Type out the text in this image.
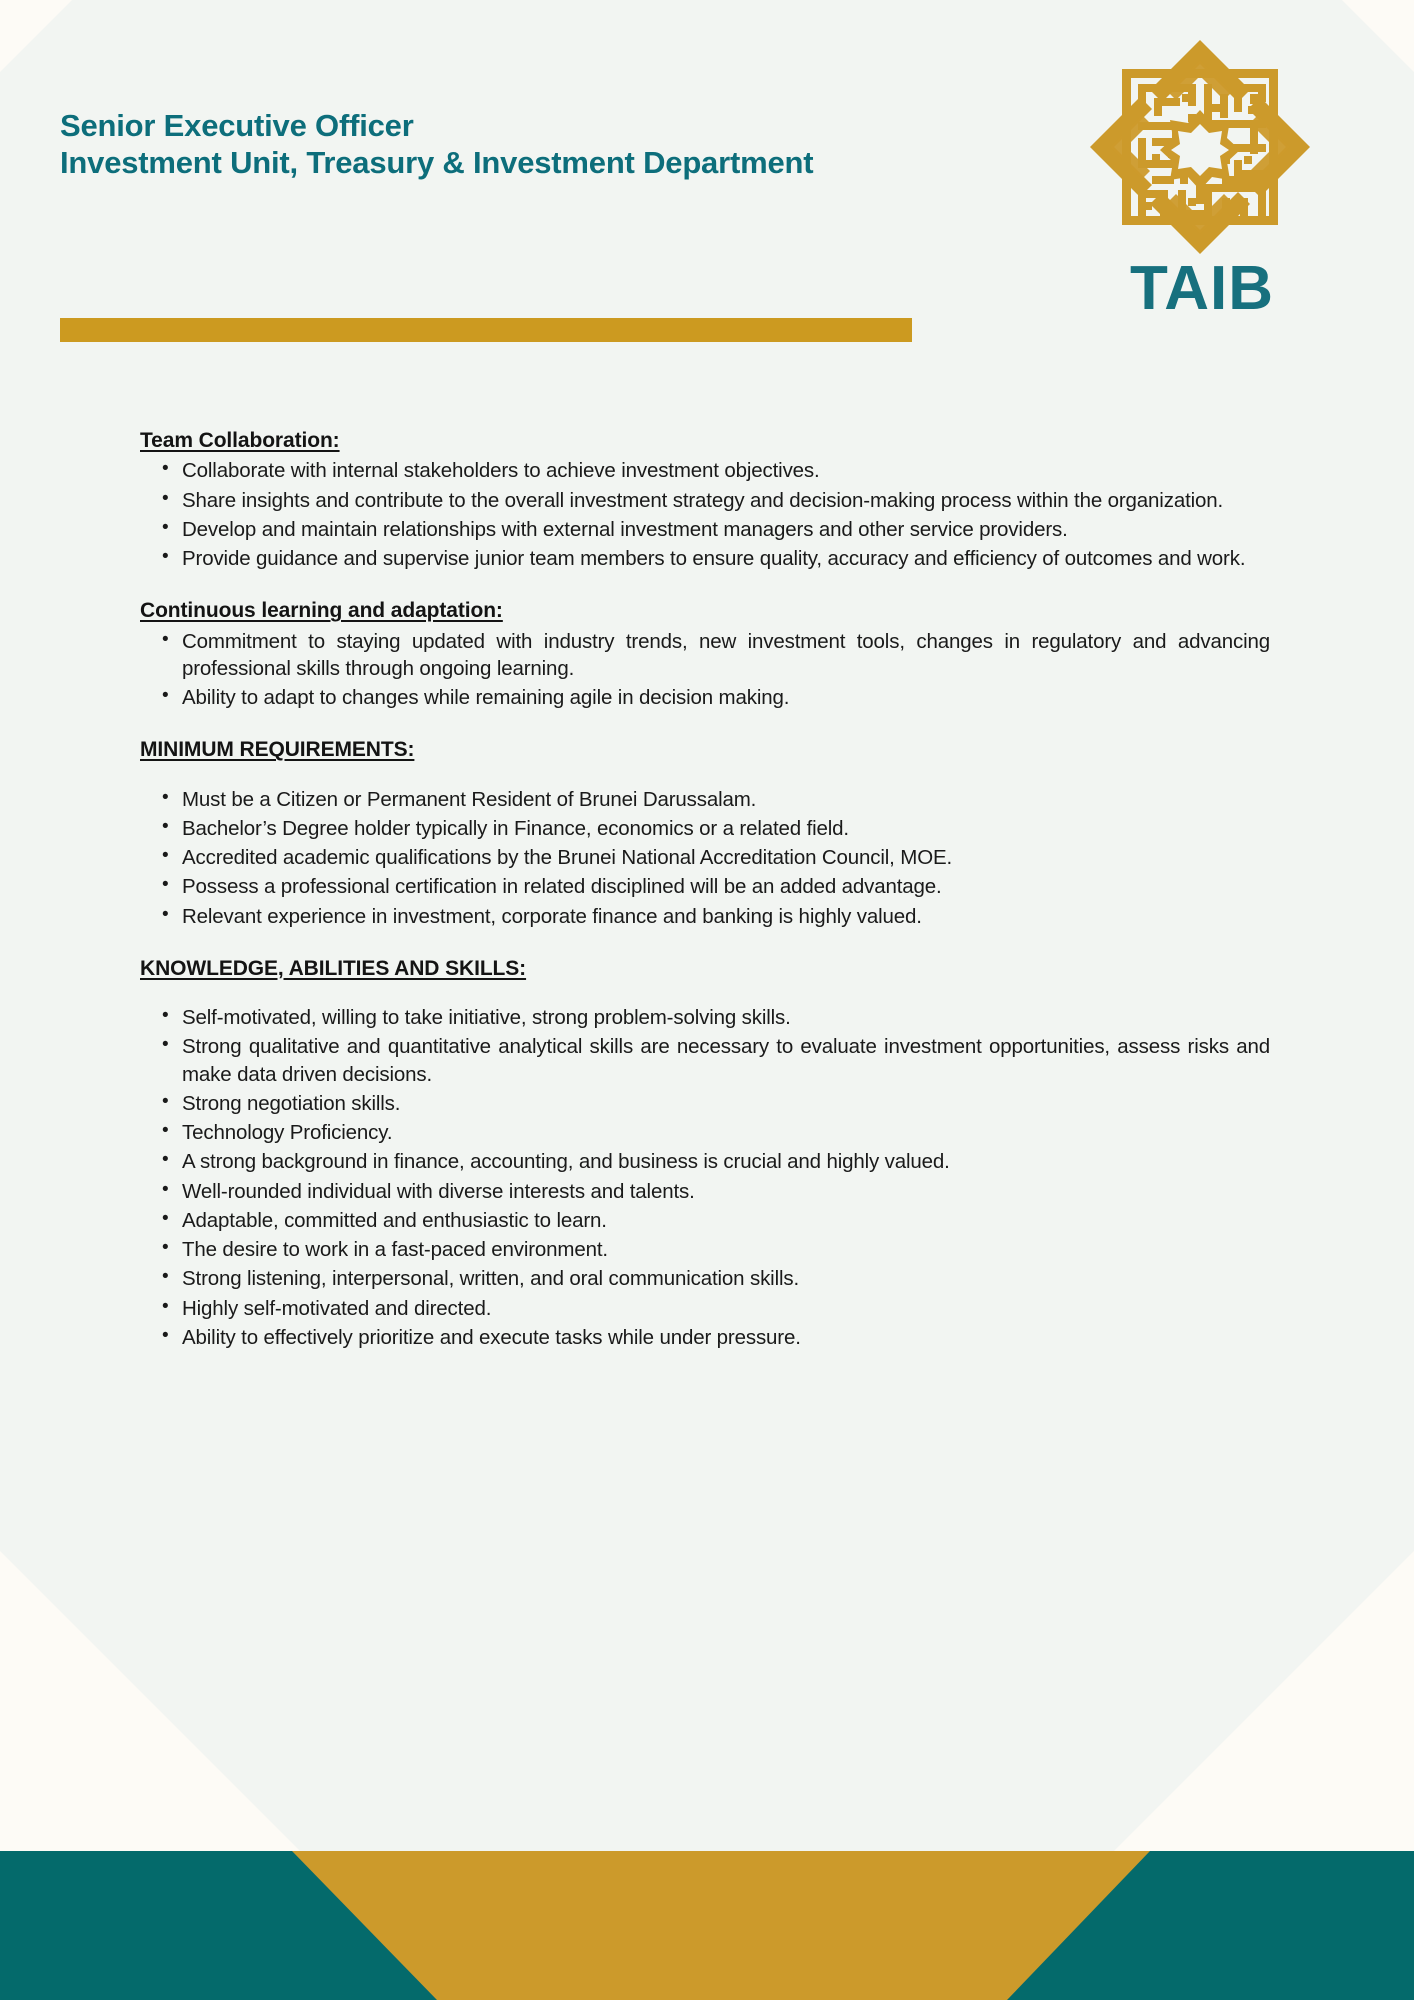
Senior Executive Officer
Investment Unit, Treasury & Investment Department
TAIB
Team Collaboration:
• Collaborate with internal stakeholders to achieve investment objectives.
• Share insights and contribute to the overall investment strategy and decision-making process within the organization.
• Develop and maintain relationships with external investment managers and other service providers.
• Provide guidance and supervise junior team members to ensure quality, accuracy and efficiency of outcomes and work.
Continuous learning and adaptation:
• Commitment to staying updated with industry trends, new investment tools, changes in regulatory and advancing professional skills through ongoing learning.
• Ability to adapt to changes while remaining agile in decision making.
MINIMUM REQUIREMENTS:
• Must be a Citizen or Permanent Resident of Brunei Darussalam.
• Bachelor’s Degree holder typically in Finance, economics or a related field.
• Accredited academic qualifications by the Brunei National Accreditation Council, MOE.
• Possess a professional certification in related disciplined will be an added advantage.
• Relevant experience in investment, corporate finance and banking is highly valued.
KNOWLEDGE, ABILITIES AND SKILLS:
• Self-motivated, willing to take initiative, strong problem-solving skills.
• Strong qualitative and quantitative analytical skills are necessary to evaluate investment opportunities, assess risks and make data driven decisions.
• Strong negotiation skills.
• Technology Proficiency.
• A strong background in finance, accounting, and business is crucial and highly valued.
• Well-rounded individual with diverse interests and talents.
• Adaptable, committed and enthusiastic to learn.
• The desire to work in a fast-paced environment.
• Strong listening, interpersonal, written, and oral communication skills.
• Highly self-motivated and directed.
• Ability to effectively prioritize and execute tasks while under pressure.
